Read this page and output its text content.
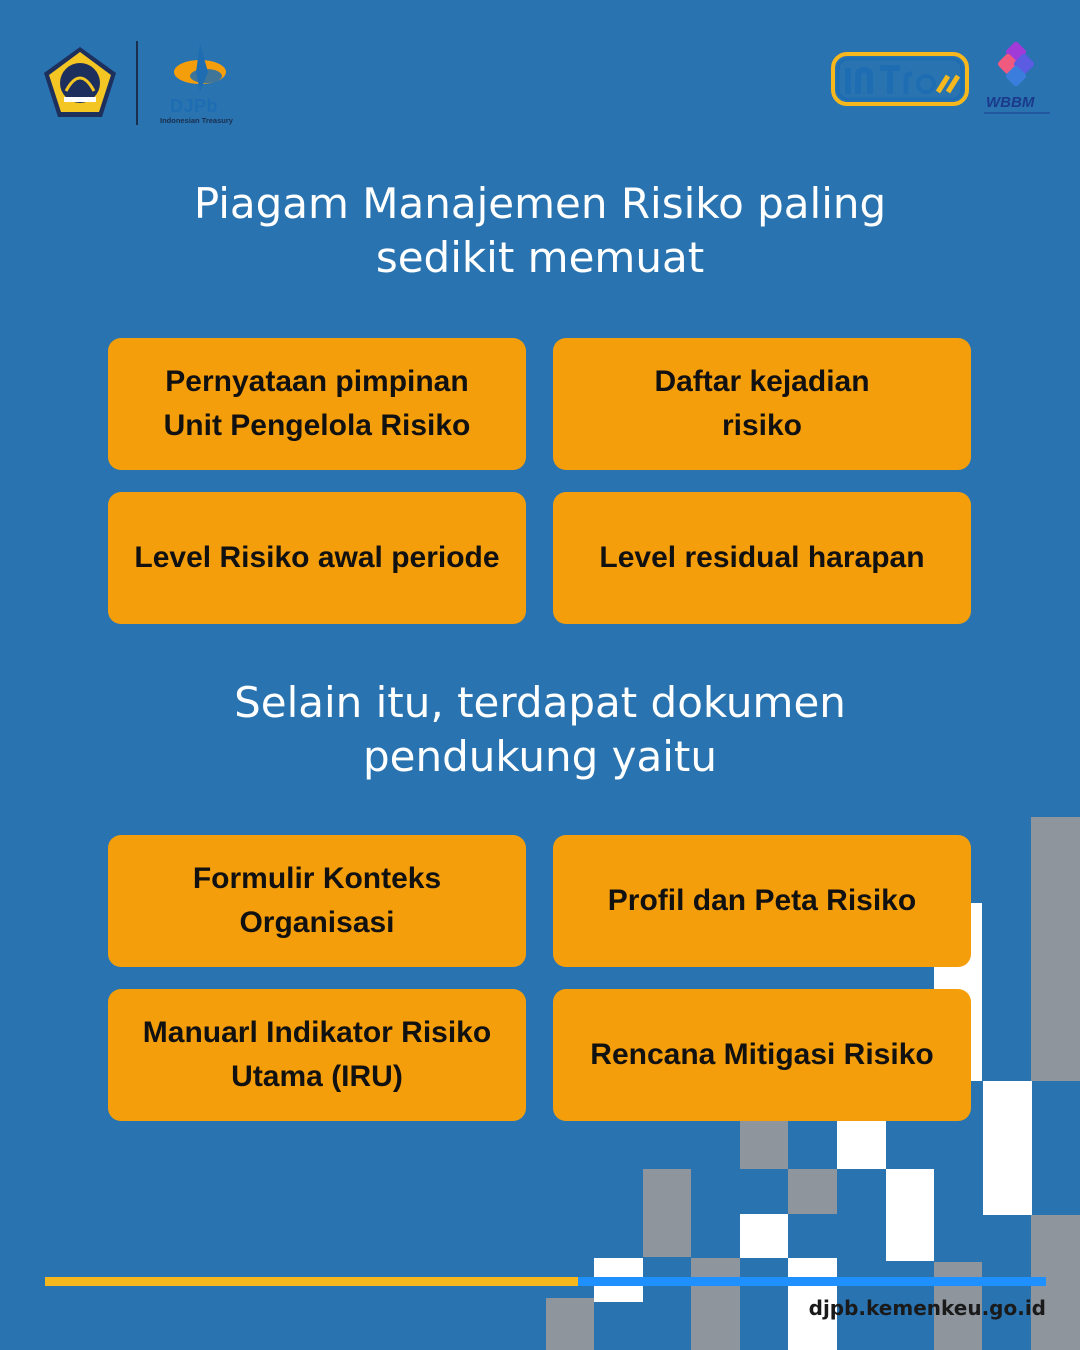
DJPb
Indonesian Treasury
WBBM
Piagam Manajemen Risiko paling
sedikit memuat
Pernyataan pimpinan
Unit Pengelola Risiko
Daftar kejadian
risiko
Level Risiko awal periode	Level residual harapan
Selain itu, terdapat dokumen
pendukung yaitu
Formulir Konteks
Organisasi
Profil dan Peta Risiko
Manuarl Indikator Risiko
Utama (IRU)
Rencana Mitigasi Risiko
djpb.kemenkeu.go.id
